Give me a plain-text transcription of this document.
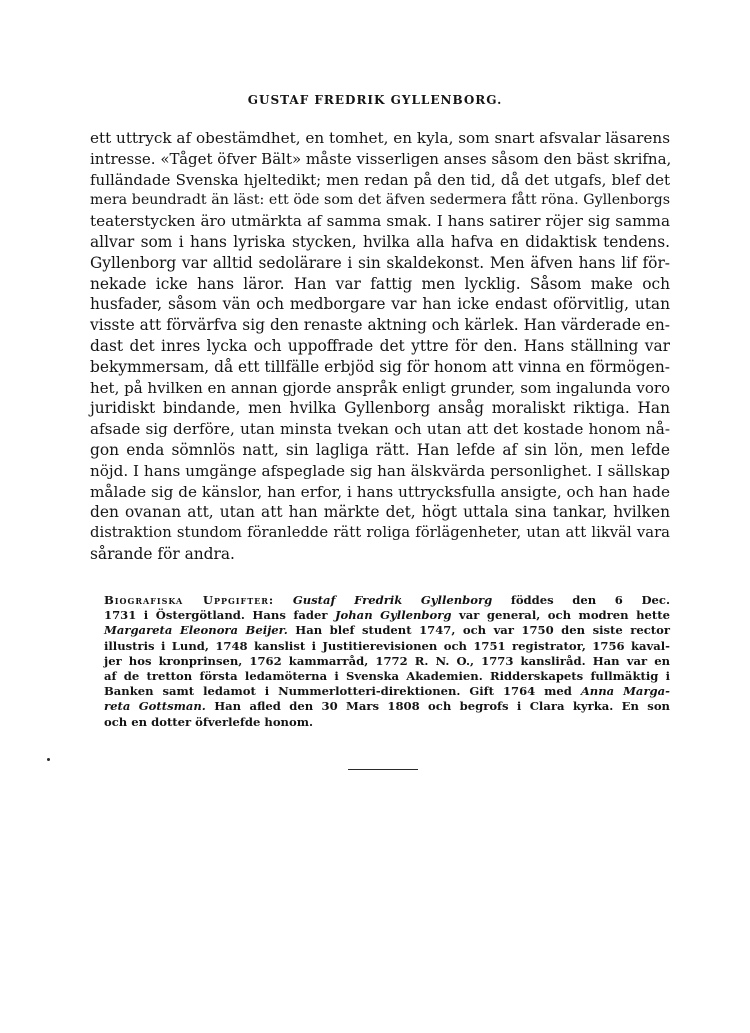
GUSTAF FREDRIK GYLLENBORG.
ett uttryck af obestämdhet, en tomhet, en kyla, som snart afsvalar läsarens
intresse. «Tåget öfver Bält» måste visserligen anses såsom den bäst skrifna,
fulländade Svenska hjeltedikt; men redan på den tid, då det utgafs, blef det
mera beundradt än läst: ett öde som det äfven sedermera fått röna. Gyllenborgs
teaterstycken äro utmärkta af samma smak. I hans satirer röjer sig samma
allvar som i hans lyriska stycken, hvilka alla hafva en didaktisk tendens.
Gyllenborg var alltid sedolärare i sin skaldekonst. Men äfven hans lif för-
nekade icke hans läror. Han var fattig men lycklig. Såsom make och
husfader, såsom vän och medborgare var han icke endast oförvitlig, utan
visste att förvärfva sig den renaste aktning och kärlek. Han värderade en-
dast det inres lycka och uppoffrade det yttre för den. Hans ställning var
bekymmersam, då ett tillfälle erbjöd sig för honom att vinna en förmögen-
het, på hvilken en annan gjorde anspråk enligt grunder, som ingalunda voro
juridiskt bindande, men hvilka Gyllenborg ansåg moraliskt riktiga. Han
afsade sig derföre, utan minsta tvekan och utan att det kostade honom nå-
gon enda sömnlös natt, sin lagliga rätt. Han lefde af sin lön, men lefde
nöjd. I hans umgänge afspeglade sig han älskvärda personlighet. I sällskap
målade sig de känslor, han erfor, i hans uttrycksfulla ansigte, och han hade
den ovanan att, utan att han märkte det, högt uttala sina tankar, hvilken
distraktion stundom föranledde rätt roliga förlägenheter, utan att likväl vara
sårande för andra.
Biografiska Uppgifter: Gustaf Fredrik Gyllenborg föddes den 6 Dec.
1731 i Östergötland. Hans fader Johan Gyllenborg var general, och modren hette
Margareta Eleonora Beijer. Han blef student 1747, och var 1750 den siste rector
illustris i Lund, 1748 kanslist i Justitierevisionen och 1751 registrator, 1756 kaval-
jer hos kronprinsen, 1762 kammarråd, 1772 R. N. O., 1773 kansliråd. Han var en
af de tretton första ledamöterna i Svenska Akademien. Ridderskapets fullmäktig i
Banken samt ledamot i Nummerlotteri-direktionen. Gift 1764 med Anna Marga-
reta Gottsman. Han afled den 30 Mars 1808 och begrofs i Clara kyrka. En son
och en dotter öfverlefde honom.
